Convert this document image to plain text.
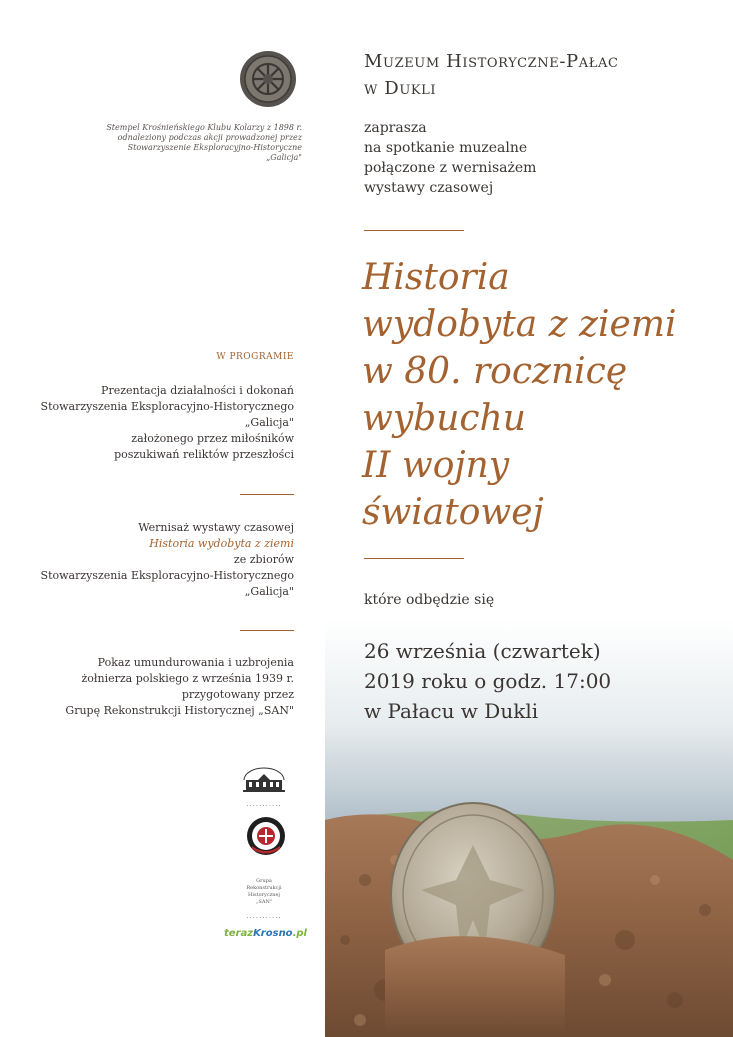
Stempel Krośnieńskiego Klubu Kolarzy z 1898 r.
odnaleziony podczas akcji prowadzonej przez
Stowarzyszenie Eksploracyjno-Historyczne „Galicja"
W PROGRAMIE
Prezentacja działalności i dokonań
Stowarzyszenia Eksploracyjno-Historycznego
„Galicja"
założonego przez miłośników
poszukiwań reliktów przeszłości
Wernisaż wystawy czasowej
Historia wydobyta z ziemi
ze zbiorów
Stowarzyszenia Eksploracyjno-Historycznego
„Galicja"
Pokaz umundurowania i uzbrojenia
żołnierza polskiego z września 1939 r.
przygotowany przez
Grupę Rekonstrukcji Historycznej „SAN"
...........
Grupa
Rekonstrukcji
Historycznej
„SAN"
...........
terazKrosno.pl
Muzeum Historyczne-Pałac
w Dukli
zaprasza
na spotkanie muzealne
połączone z wernisażem
wystawy czasowej
Historia
wydobyta z ziemi
w 80. rocznicę
wybuchu
II wojny
światowej
które odbędzie się
26 września (czwartek)
2019 roku o godz. 17:00
w Pałacu w Dukli
